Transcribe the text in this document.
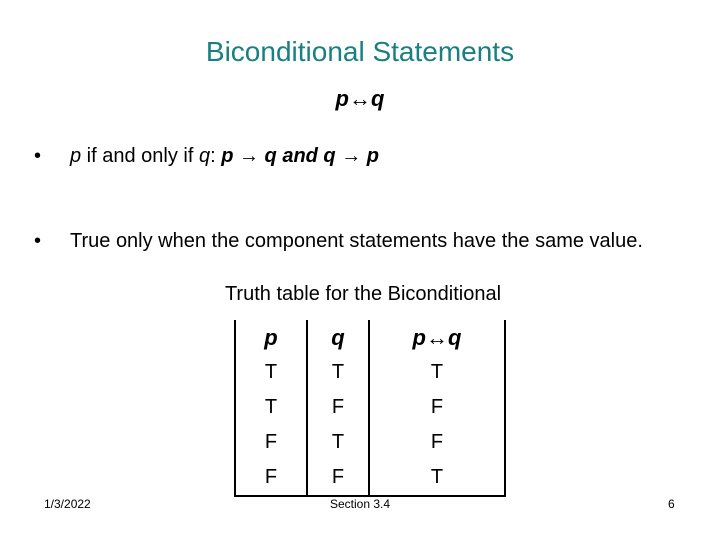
Biconditional Statements
p↔q
• p if and only if q: p → q and q → p
• True only when the component statements have the same value.
Truth table for the Biconditional
p	q	p↔q
T	T	T
T	F	F
F	T	F
F	F	T
1/3/2022	Section 3.4	6
